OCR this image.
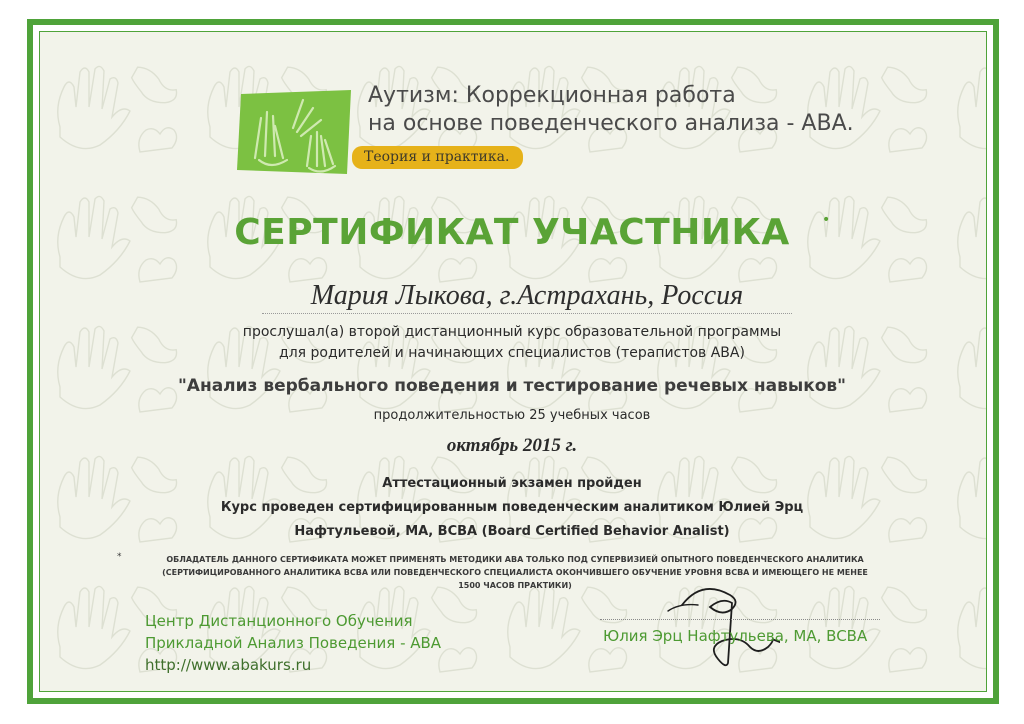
Аутизм: Коррекционная работа
на основе поведенческого анализа - АВА.
Теория и практика.
СЕРТИФИКАТ УЧАСТНИКА	•
Мария Лыкова, г.Астрахань, Россия
прослушал(а) второй дистанционный курс образовательной программы
для родителей и начинающих специалистов (терапистов АВА)
"Анализ вербального поведения и тестирование речевых навыков"
продолжительностью 25 учебных часов
октябрь 2015 г.
Аттестационный экзамен пройден
Курс проведен сертифицированным поведенческим аналитиком Юлией Эрц
Нафтульевой, МА, BCBA (Board Certified Behavior Analist)
*	ОБЛАДАТЕЛЬ ДАННОГО СЕРТИФИКАТА МОЖЕТ ПРИМЕНЯТЬ МЕТОДИКИ АВА ТОЛЬКО ПОД СУПЕРВИЗИЕЙ ОПЫТНОГО ПОВЕДЕНЧЕСКОГО АНАЛИТИКА
(СЕРТИФИЦИРОВАННОГО АНАЛИТИКА BCBA ИЛИ ПОВЕДЕНЧЕСКОГО СПЕЦИАЛИСТА ОКОНЧИВШЕГО ОБУЧЕНИЕ УРОВНЯ BCBA И ИМЕЮЩЕГО НЕ МЕНЕЕ
1500 ЧАСОВ ПРАКТИКИ)
Центр Дистанционного Обучения
Прикладной Анализ Поведения - АВА
http://www.abakurs.ru
Юлия Эрц Нафтульева, МА, BCBA
